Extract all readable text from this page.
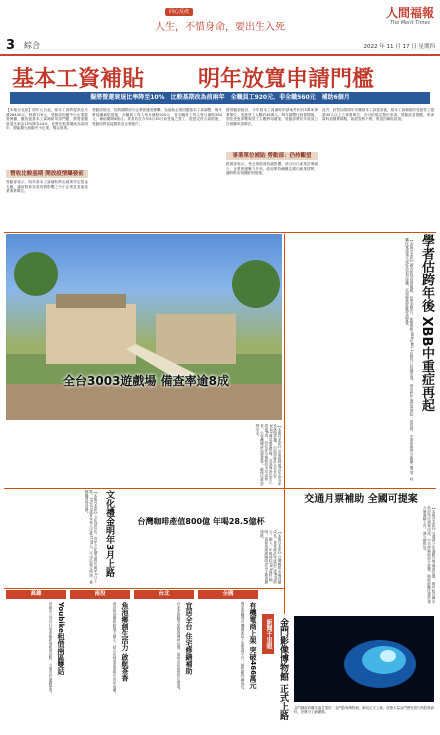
3 綜合
同心反疫
人生，不惜身命，要出生入死
人間福報
The Merit Times
2022 年 11 月 17 日 星期四
基本工資補貼 明年放寬申請門檻
擬將營運衰退比率降至10%　比較基期改為前兩年　全職員工920元、非全職560元　補助6個月
【本報台北訊】明年元旦起，基本工資將提高至月薪26400元，時薪176元，勞動部因應中小企業經營困難，擬放寬基本工資補貼申請門檻，將營業額衰退比率由15%降為10%，並將比較基期改為前兩年，期能擴大照顧中小企業，穩定就業。
營收比較基期 開放疫情爆發前
勞動部表示，明年基本工資補貼將由就業安定基金支應，適用對象為受疫情影響之中小企業及其他產業事業單位。
勞動部指出，疫情期間部分企業營運受衝擊，為協助企業因應基本工資調整，明年將延續補貼措施，全職員工每人每月補貼920元、非全職員工每人每月補貼560元，補助期間6個月。業者若於今年6月30日前受雇之勞工，經認定符合資格後，勞動部將直接撥款至企業帳戶。
據勞動部統計，今年基本工資補貼申請案件約有5萬家事業單位，受惠勞工人數約46萬人。明年調整比較基期後，預估受惠家數與勞工人數將再增加，勞動部將於年底前公告相關申請辦法。
事業單位補貼 勞動部：仍持觀望
經濟部表示，受全球經濟放緩影響，部分出口產業訂單減少，企業營運壓力升高，政府將持續關注國內就業情勢，適時推出相關紓困措施。
此外，針對如果明年有關基本工資提高後，基本工資補貼的受雇勞工超過30人以上之事業單位，亦可依規定提出申請。勞動部並提醒，申請資料須據實填報，如經查核不實，將追回補貼款項。
全台3003遊戲場 備查率逾8成	學者估跨年後 XBB中重症再起
【本報台北訊】國內新冠疫情趨緩，但學者警告，新變異株XBB及BQ.1在國外已陸續出現，預估跨年後恐再掀起一波疫情，中重症病例可能隨之增加，呼籲民眾盡速完成疫苗追加接種，高風險族群應提高警覺。
【本報台北訊】兒童遊戲場近年成為家長休閒首選，內政部統計全台共有3003處兒童遊戲場，完成備查比率已超過8成，仍有部分場館尚未完成檢查，主管機關將加強督導，確保兒童遊戲安全。
交通月票補助 全國可提案
【本報台北訊】交通部公布通勤月票補助計畫，明年起各縣市政府均可提案申請，中央將補助部分經費，期能鼓勵民眾搭乘大眾運輸工具，減少碳排放。
文化禮金明年3月上路
【本報台北訊】文化部宣布，青年文化禮金將於明年3月上路，18至22歲青年每人可獲1200元，可用於藝文展演、書籍購買等消費。
台灣咖啡產值800億 年喝28.5億杯
【本報台北訊】台灣咖啡市場持續成長，業者統計年產值已達800億元，國人一年喝掉約28.5億杯咖啡，超商與連鎖咖啡店為主要消費通路。
高雄	南投	台北	全國
Youbike租借兩區雙站
高雄市公共自行車系統新增租借站點，方便市民通勤使用。	魚池鄉創生活力 啟航茶香
南投魚池鄉推動地方創生，結合在地茶產業吸引青年返鄉。	宜居全台 住宅修繕補助
台北市推動老屋修繕補助計畫，協助市民改善居住環境。	有機電商上架 突破466萬元
農委會輔導有機農產品上架電商平台，銷售額持續成長。	新聞千里眼 金門影像博物館 正式上路	金門縣政府觀光處打造的「金門影像博物館」網站正式上線，收錄大量金門歷史照片與影像資料，民眾可上網瀏覽。
